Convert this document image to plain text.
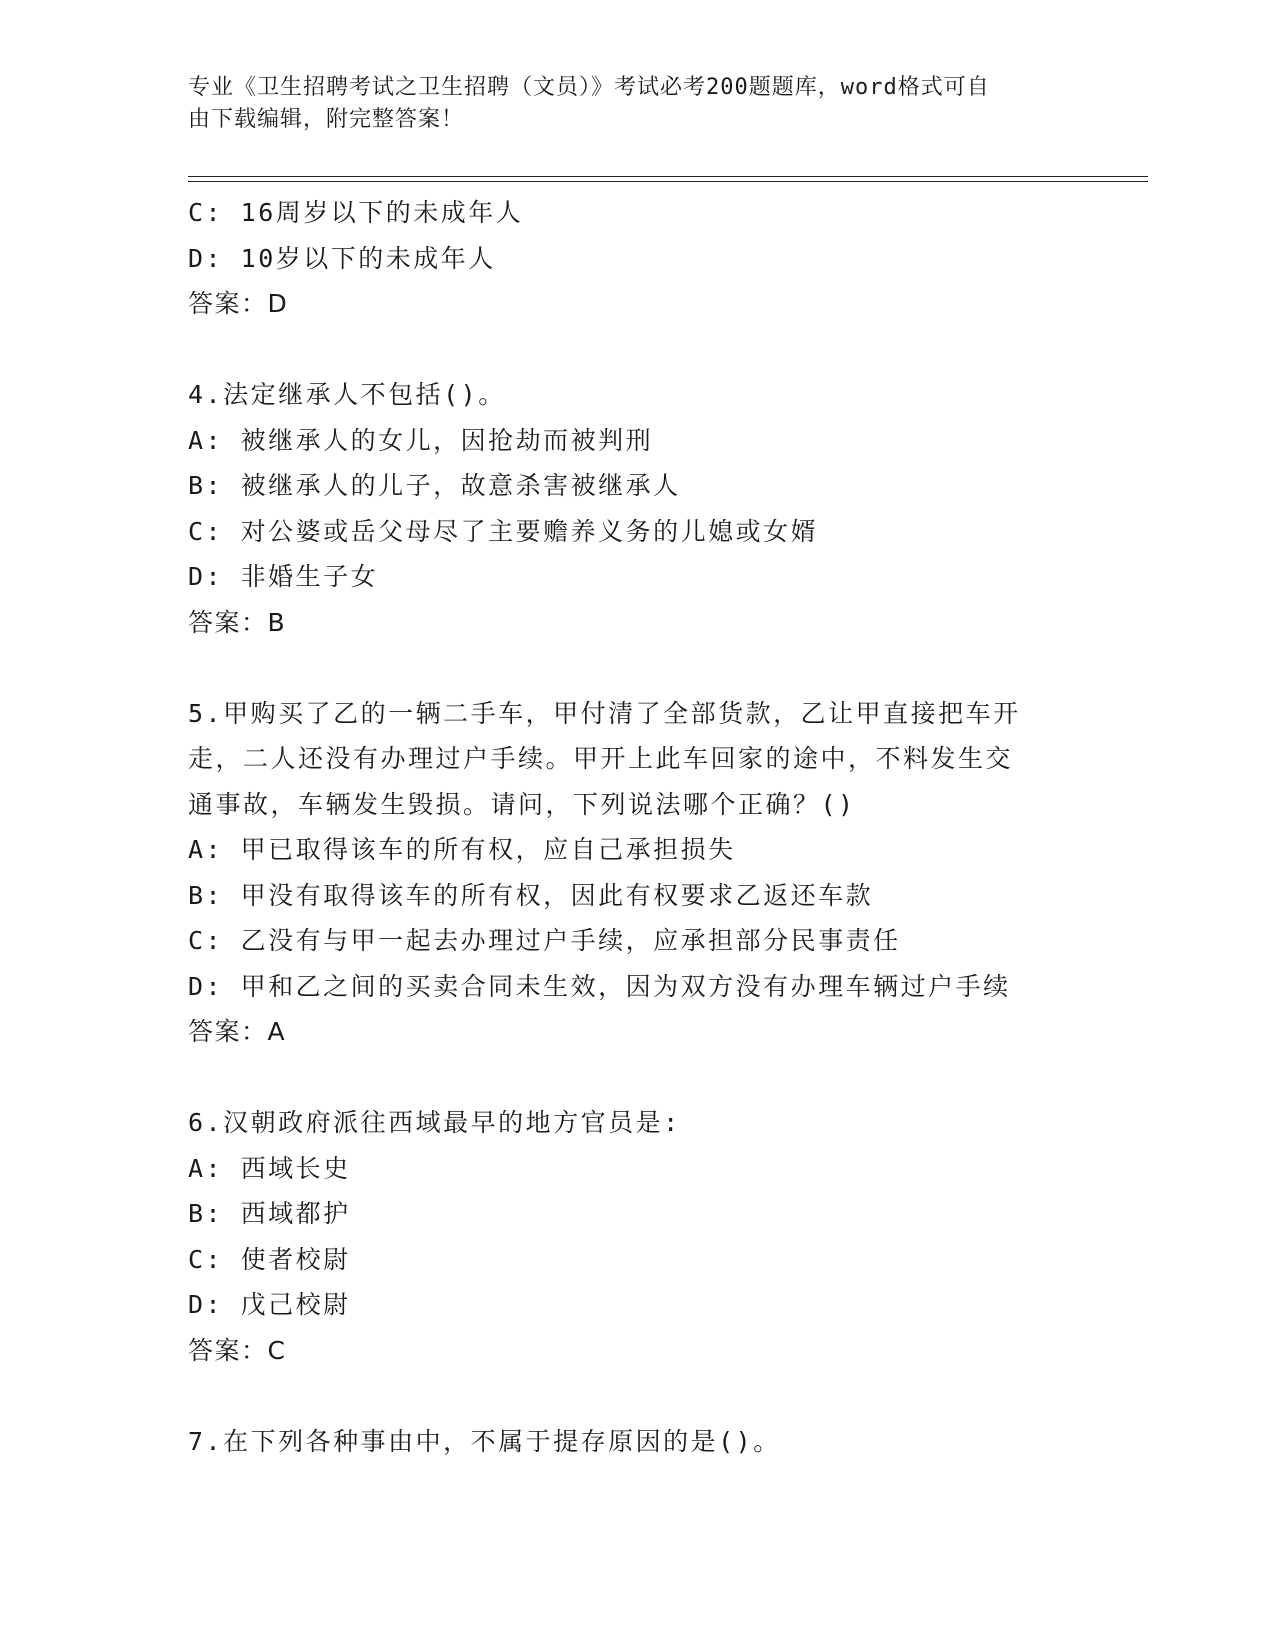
专业《卫生招聘考试之卫生招聘（文员）》考试必考200题题库，word格式可自
由下载编辑，附完整答案！
C: 16周岁以下的未成年人
D: 10岁以下的未成年人
答案：D
4.法定继承人不包括()。
A: 被继承人的女儿，因抢劫而被判刑
B: 被继承人的儿子，故意杀害被继承人
C: 对公婆或岳父母尽了主要赡养义务的儿媳或女婿
D: 非婚生子女
答案：B
5.甲购买了乙的一辆二手车，甲付清了全部货款，乙让甲直接把车开
走，二人还没有办理过户手续。甲开上此车回家的途中，不料发生交
通事故，车辆发生毁损。请问，下列说法哪个正确？()
A: 甲已取得该车的所有权，应自己承担损失
B: 甲没有取得该车的所有权，因此有权要求乙返还车款
C: 乙没有与甲一起去办理过户手续，应承担部分民事责任
D: 甲和乙之间的买卖合同未生效，因为双方没有办理车辆过户手续
答案：A
6.汉朝政府派往西域最早的地方官员是:
A: 西域长史
B: 西域都护
C: 使者校尉
D: 戊己校尉
答案：C
7.在下列各种事由中，不属于提存原因的是()。
